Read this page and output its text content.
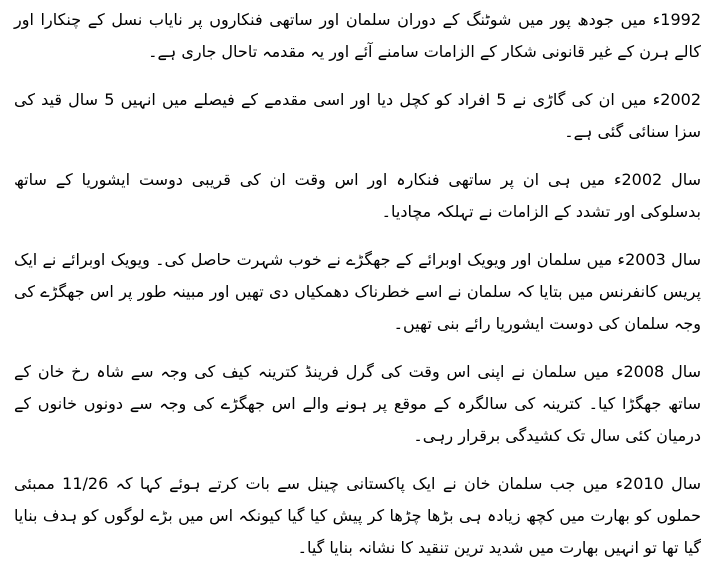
1992ء میں جودھ پور میں شوٹنگ کے دوران سلمان اور ساتھی فنکاروں پر نایاب نسل کے چنکارا اور کالے ہرن کے غیر قانونی شکار کے الزامات سامنے آئے اور یہ مقدمہ تاحال جاری ہے۔

2002ء میں ان کی گاڑی نے 5 افراد کو کچل دیا اور اسی مقدمے کے فیصلے میں انہیں 5 سال قید کی سزا سنائی گئی ہے۔

سال 2002ء میں ہی ان پر ساتھی فنکارہ اور اس وقت ان کی قریبی دوست ایشوریا کے ساتھ بدسلوکی اور تشدد کے الزامات نے تہلکہ مچادیا۔

سال 2003ء میں سلمان اور ویویک اوبرائے کے جھگڑے نے خوب شہرت حاصل کی۔ ویویک اوبرائے نے ایک پریس کانفرنس میں بتایا کہ سلمان نے اسے خطرناک دھمکیاں دی تھیں اور مبینہ طور پر اس جھگڑے کی وجہ سلمان کی دوست ایشوریا رائے بنی تھیں۔

سال 2008ء میں سلمان نے اپنی اس وقت کی گرل فرینڈ کترینہ کیف کی وجہ سے شاہ رخ خان کے ساتھ جھگڑا کیا۔ کترینہ کی سالگرہ کے موقع پر ہونے والے اس جھگڑے کی وجہ سے دونوں خانوں کے درمیان کئی سال تک کشیدگی برقرار رہی۔

سال 2010ء میں جب سلمان خان نے ایک پاکستانی چینل سے بات کرتے ہوئے کہا کہ 11/26 ممبئی حملوں کو بھارت میں کچھ زیادہ ہی بڑھا چڑھا کر پیش کیا گیا کیونکہ اس میں بڑے لوگوں کو ہدف بنایا گیا تھا تو انہیں بھارت میں شدید ترین تنقید کا نشانہ بنایا گیا۔
